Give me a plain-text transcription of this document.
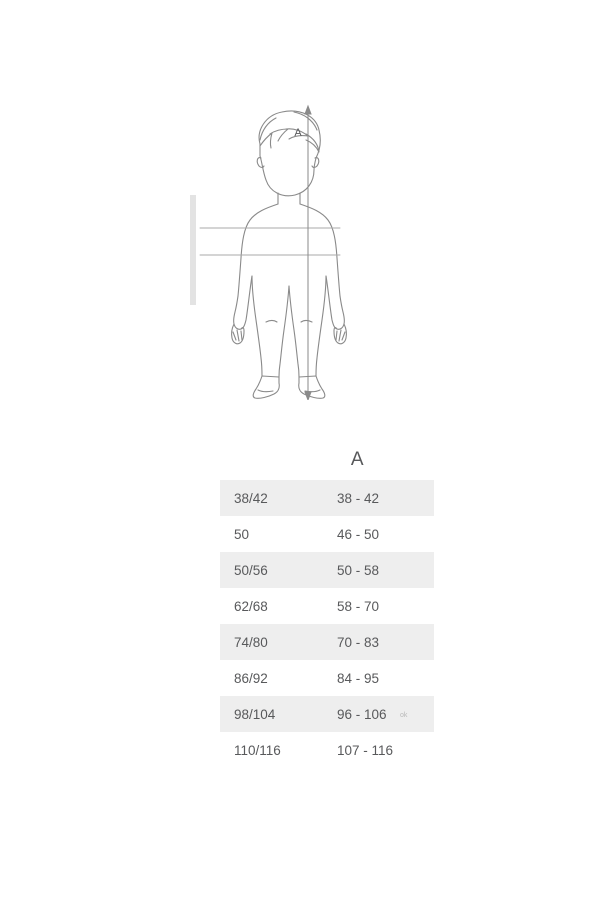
A
A
38/42	38 - 42
50	46 - 50
50/56	50 - 58
62/68	58 - 70
74/80	70 - 83
86/92	84 - 95
98/104	96 - 106
110/116	107 - 116
ok
